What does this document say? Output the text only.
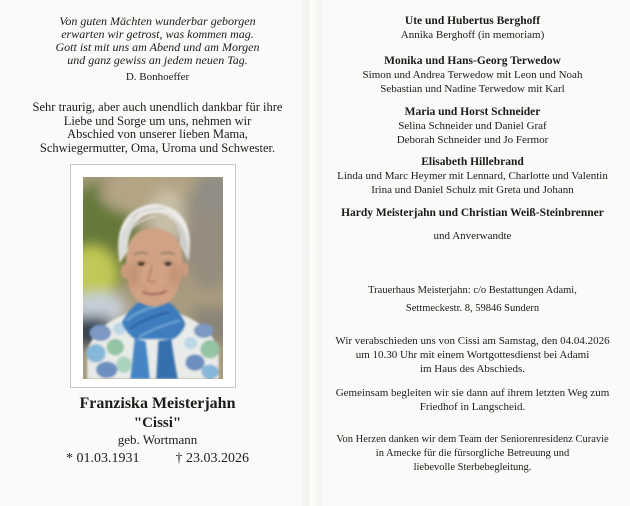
Von guten Mächten wunderbar geborgen
erwarten wir getrost, was kommen mag.
Gott ist mit uns am Abend und am Morgen
und ganz gewiss an jedem neuen Tag.
D. Bonhoeffer
Sehr traurig, aber auch unendlich dankbar für ihre
Liebe und Sorge um uns, nehmen wir
Abschied von unserer lieben Mama,
Schwiegermutter, Oma, Uroma und Schwester.
Franziska Meisterjahn
"Cissi"
geb. Wortmann
* 01.03.1931	† 23.03.2026
Ute und Hubertus Berghoff
Annika Berghoff (in memoriam)
Monika und Hans-Georg Terwedow
Simon und Andrea Terwedow mit Leon und Noah
Sebastian und Nadine Terwedow mit Karl
Maria und Horst Schneider
Selina Schneider und Daniel Graf
Deborah Schneider und Jo Fermor
Elisabeth Hillebrand
Linda und Marc Heymer mit Lennard, Charlotte und Valentin
Irina und Daniel Schulz mit Greta und Johann
Hardy Meisterjahn und Christian Weiß-Steinbrenner
und Anverwandte
Trauerhaus Meisterjahn: c/o Bestattungen Adami,
Settmeckestr. 8, 59846 Sundern
Wir verabschieden uns von Cissi am Samstag, den 04.04.2026
um 10.30 Uhr mit einem Wortgottesdienst bei Adami
im Haus des Abschieds.
Gemeinsam begleiten wir sie dann auf ihrem letzten Weg zum
Friedhof in Langscheid.
Von Herzen danken wir dem Team der Seniorenresidenz Curavie
in Amecke für die fürsorgliche Betreuung und
liebevolle Sterbebegleitung.
